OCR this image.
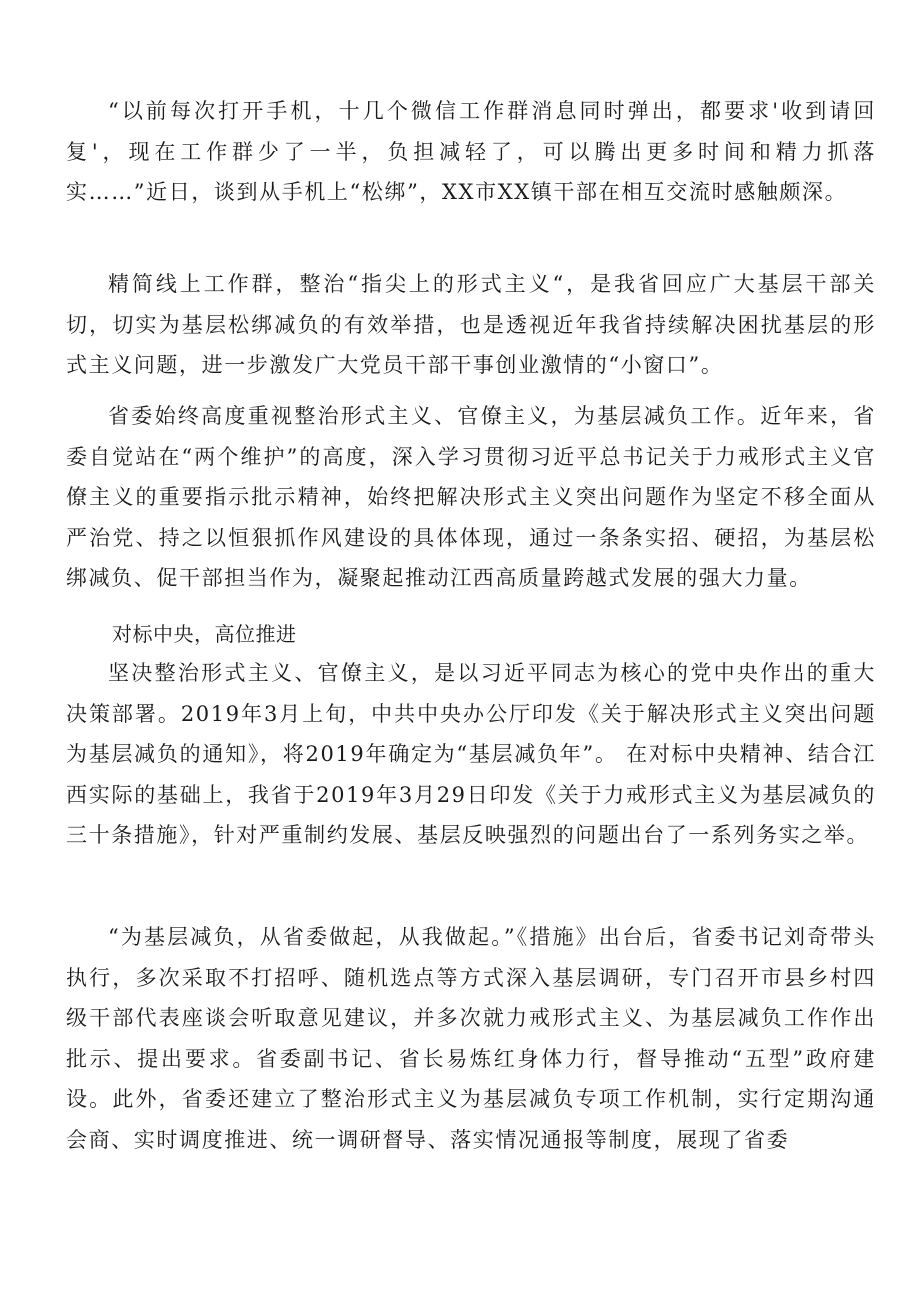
“以前每次打开手机，十几个微信工作群消息同时弹出，都要求'收到请回复'，现在工作群少了一半，负担减轻了，可以腾出更多时间和精力抓落实……”近日，谈到从手机上“松绑”，XX市XX镇干部在相互交流时感触颇深。

精简线上工作群，整治“指尖上的形式主义“，是我省回应广大基层干部关切，切实为基层松绑减负的有效举措，也是透视近年我省持续解决困扰基层的形式主义问题，进一步激发广大党员干部干事创业激情的“小窗口”。

省委始终高度重视整治形式主义、官僚主义，为基层减负工作。近年来，省委自觉站在“两个维护”的高度，深入学习贯彻习近平总书记关于力戒形式主义官僚主义的重要指示批示精神，始终把解决形式主义突出问题作为坚定不移全面从严治党、持之以恒狠抓作风建设的具体体现，通过一条条实招、硬招，为基层松绑减负、促干部担当作为，凝聚起推动江西高质量跨越式发展的强大力量。

对标中央，高位推进

坚决整治形式主义、官僚主义，是以习近平同志为核心的党中央作出的重大决策部署。2019年3月上旬，中共中央办公厅印发《关于解决形式主义突出问题为基层减负的通知》，将2019年确定为“基层减负年”。 在对标中央精神、结合江西实际的基础上，我省于2019年3月29日印发《关于力戒形式主义为基层减负的三十条措施》，针对严重制约发展、基层反映强烈的问题出台了一系列务实之举。

“为基层减负，从省委做起，从我做起。”《措施》出台后，省委书记刘奇带头执行，多次采取不打招呼、随机选点等方式深入基层调研，专门召开市县乡村四级干部代表座谈会听取意见建议，并多次就力戒形式主义、为基层减负工作作出批示、提出要求。省委副书记、省长易炼红身体力行，督导推动“五型”政府建设。此外，省委还建立了整治形式主义为基层减负专项工作机制，实行定期沟通会商、实时调度推进、统一调研督导、落实情况通报等制度，展现了省委
